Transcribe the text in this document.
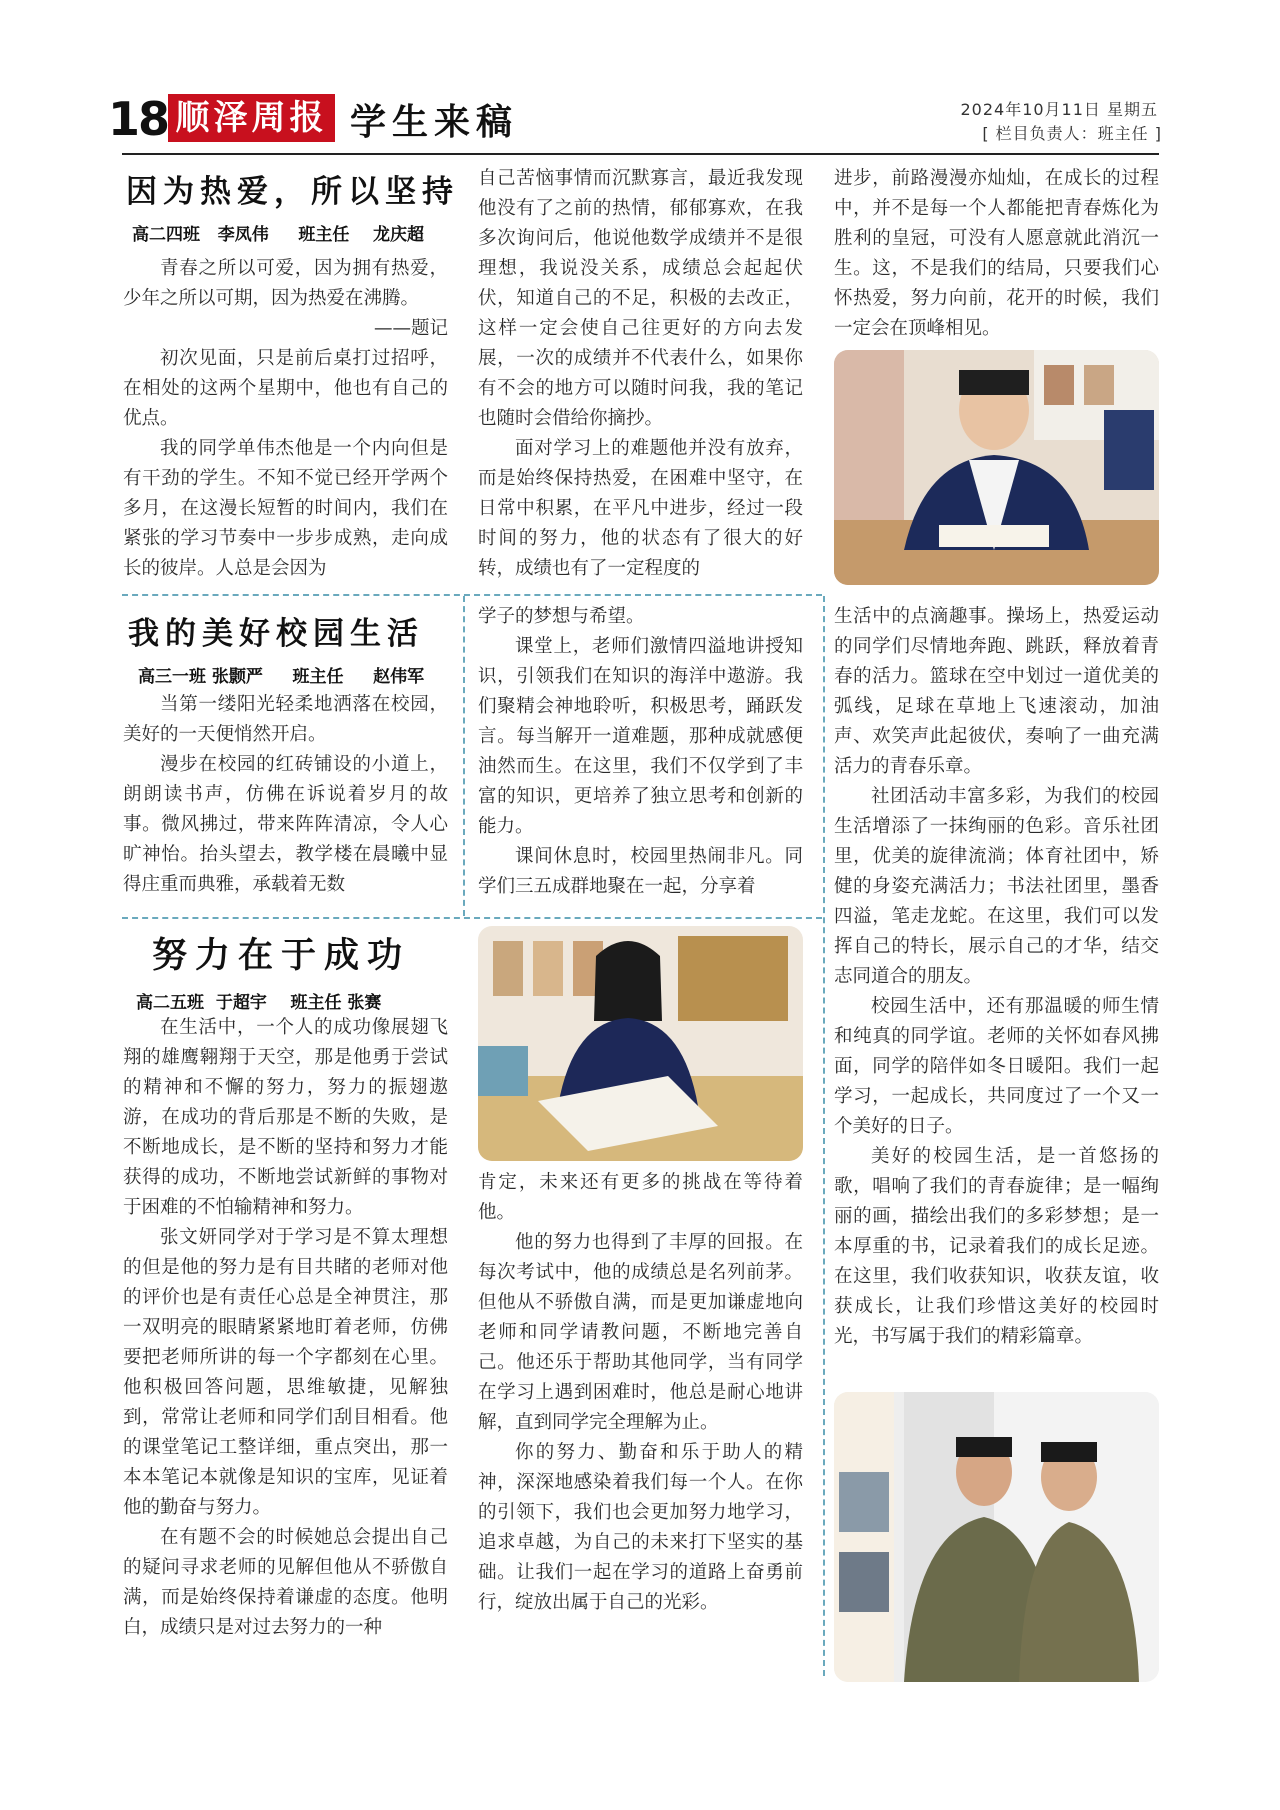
18 顺泽周报 学生来稿	2024年10月11日 星期五
[ 栏目负责人：班主任 ]
因为热爱，所以坚持
高二四班   李凤伟     班主任    龙庆超

青春之所以可爱，因为拥有热爱，少年之所以可期，因为热爱在沸腾。

——题记

初次见面，只是前后桌打过招呼，在相处的这两个星期中，他也有自己的优点。

我的同学单伟杰他是一个内向但是有干劲的学生。不知不觉已经开学两个多月，在这漫长短暂的时间内，我们在紧张的学习节奏中一步步成熟，走向成长的彼岸。人总是会因为

自己苦恼事情而沉默寡言，最近我发现他没有了之前的热情，郁郁寡欢，在我多次询问后，他说他数学成绩并不是很理想，我说没关系，成绩总会起起伏伏，知道自己的不足，积极的去改正，这样一定会使自己往更好的方向去发展，一次的成绩并不代表什么，如果你有不会的地方可以随时问我，我的笔记也随时会借给你摘抄。

面对学习上的难题他并没有放弃，而是始终保持热爱，在困难中坚守，在日常中积累，在平凡中进步，经过一段时间的努力，他的状态有了很大的好转，成绩也有了一定程度的

进步，前路漫漫亦灿灿，在成长的过程中，并不是每一个人都能把青春炼化为胜利的皇冠，可没有人愿意就此消沉一生。这，不是我们的结局，只要我们心怀热爱，努力向前，花开的时候，我们一定会在顶峰相见。

我的美好校园生活
高三一班 张颢严     班主任     赵伟军

当第一缕阳光轻柔地洒落在校园，美好的一天便悄然开启。

漫步在校园的红砖铺设的小道上，朗朗读书声，仿佛在诉说着岁月的故事。微风拂过，带来阵阵清凉，令人心旷神怡。抬头望去，教学楼在晨曦中显得庄重而典雅，承载着无数

学子的梦想与希望。

课堂上，老师们激情四溢地讲授知识，引领我们在知识的海洋中遨游。我们聚精会神地聆听，积极思考，踊跃发言。每当解开一道难题，那种成就感便油然而生。在这里，我们不仅学到了丰富的知识，更培养了独立思考和创新的能力。

课间休息时，校园里热闹非凡。同学们三五成群地聚在一起，分享着

生活中的点滴趣事。操场上，热爱运动的同学们尽情地奔跑、跳跃，释放着青春的活力。篮球在空中划过一道优美的弧线，足球在草地上飞速滚动，加油声、欢笑声此起彼伏，奏响了一曲充满活力的青春乐章。

社团活动丰富多彩，为我们的校园生活增添了一抹绚丽的色彩。音乐社团里，优美的旋律流淌；体育社团中，矫健的身姿充满活力；书法社团里，墨香四溢，笔走龙蛇。在这里，我们可以发挥自己的特长，展示自己的才华，结交志同道合的朋友。

校园生活中，还有那温暖的师生情和纯真的同学谊。老师的关怀如春风拂面，同学的陪伴如冬日暖阳。我们一起学习，一起成长，共同度过了一个又一个美好的日子。

美好的校园生活，是一首悠扬的歌，唱响了我们的青春旋律；是一幅绚丽的画，描绘出我们的多彩梦想；是一本厚重的书，记录着我们的成长足迹。在这里，我们收获知识，收获友谊，收获成长，让我们珍惜这美好的校园时光，书写属于我们的精彩篇章。

努力在于成功
高二五班  于超宇    班主任 张赛

在生活中，一个人的成功像展翅飞翔的雄鹰翱翔于天空，那是他勇于尝试的精神和不懈的努力，努力的振翅遨游，在成功的背后那是不断的失败，是不断地成长，是不断的坚持和努力才能获得的成功，不断地尝试新鲜的事物对于困难的不怕输精神和努力。

张文妍同学对于学习是不算太理想的但是他的努力是有目共睹的老师对他的评价也是有责任心总是全神贯注，那一双明亮的眼睛紧紧地盯着老师，仿佛要把老师所讲的每一个字都刻在心里。他积极回答问题，思维敏捷，见解独到，常常让老师和同学们刮目相看。他的课堂笔记工整详细，重点突出，那一本本笔记本就像是知识的宝库，见证着他的勤奋与努力。

在有题不会的时候她总会提出自己的疑问寻求老师的见解但他从不骄傲自满，而是始终保持着谦虚的态度。他明白，成绩只是对过去努力的一种

肯定，未来还有更多的挑战在等待着他。

他的努力也得到了丰厚的回报。在每次考试中，他的成绩总是名列前茅。但他从不骄傲自满，而是更加谦虚地向老师和同学请教问题，不断地完善自己。他还乐于帮助其他同学，当有同学在学习上遇到困难时，他总是耐心地讲解，直到同学完全理解为止。

你的努力、勤奋和乐于助人的精神，深深地感染着我们每一个人。在你的引领下，我们也会更加努力地学习，追求卓越，为自己的未来打下坚实的基础。让我们一起在学习的道路上奋勇前行，绽放出属于自己的光彩。
